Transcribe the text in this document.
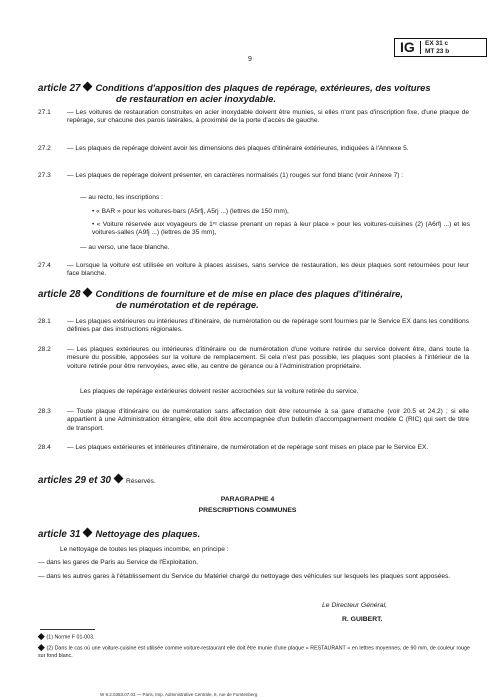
9
IG EX 31 c
MT 23 b
article 27 Conditions d'apposition des plaques de repérage, extérieures, des voitures
de restauration en acier inoxydable.
27.1 — Les voitures de restauration construites en acier inoxydable doivent être munies, si elles n'ont pas d'inscription fixe, d'une plaque de repérage, sur chacune des parois latérales, à proximité de la porte d'accès de gauche.
27.2 — Les plaques de repérage doivent avoir les dimensions des plaques d'itinéraire extérieures, indiquées à l'Annexe 5.
27.3 — Les plaques de repérage doivent présenter, en caractères normalisés (1) rouges sur fond blanc (voir Annexe 7) :
— au recto, les inscriptions :
• « BAR » pour les voitures-bars (A5rfj, A5rj ...) (lettres de 150 mm),
• « Voiture réservée aux voyageurs de 1ʳᵉ classe prenant un repas à leur place » pour les voitures-cuisines (2) (A6rfj ...) et les voitures-salles (A9fj ...) (lettres de 35 mm),
— au verso, une face blanche.
27.4 — Lorsque la voiture est utilisée en voiture à places assises, sans service de restauration, les deux plaques sont retournées pour leur face blanche.
article 28 Conditions de fourniture et de mise en place des plaques d'itinéraire,
de numérotation et de repérage.
28.1 — Les plaques extérieures ou intérieures d'itinéraire, de numérotation ou de repérage sont fournies par le Service EX dans les conditions définies par des instructions régionales.
28.2 — Les plaques extérieures ou intérieures d'itinéraire ou de numérotation d'une voiture retirée du service doivent être, dans toute la mesure du possible, apposées sur la voiture de remplacement. Si cela n'est pas possible, les plaques sont placées à l'intérieur de la voiture retirée pour être renvoyées, avec elle, au centre de gérance ou à l'Administration propriétaire.
Les plaques de repérage extérieures doivent rester accrochées sur la voiture retirée du service.
28.3 — Toute plaque d'itinéraire ou de numérotation sans affectation doit être retournée à sa gare d'attache (voir 20.5 et 24.2) ; si elle appartient à une Administration étrangère, elle doit être accompagnée d'un bulletin d'accompagnement modèle C (RIC) qui sert de titre de transport.
28.4 — Les plaques extérieures et intérieures d'itinéraire, de numérotation et de repérage sont mises en place par le Service EX.
articles 29 et 30 Réservés.
PARAGRAPHE 4
PRESCRIPTIONS COMMUNES
article 31 Nettoyage des plaques.
Le nettoyage de toutes les plaques incombe, en principe :
— dans les gares de Paris au Service de l'Exploitation,
— dans les autres gares à l'établissement du Service du Matériel chargé du nettoyage des véhicules sur lesquels les plaques sont apposées.
Le Directeur Général,
R. GUIBERT.
(1) Norme F 01-003.
(2) Dans le cas où une voiture-cuisine est utilisée comme voiture-restaurant elle doit être munie d'une plaque « RESTAURANT » en lettres moyennes, de 90 mm, de couleur rouge sur fond blanc.
W 9.2.0383.07.01 — Paris, Imp. Administrative Centrale, 8, rue de Furstenberg
